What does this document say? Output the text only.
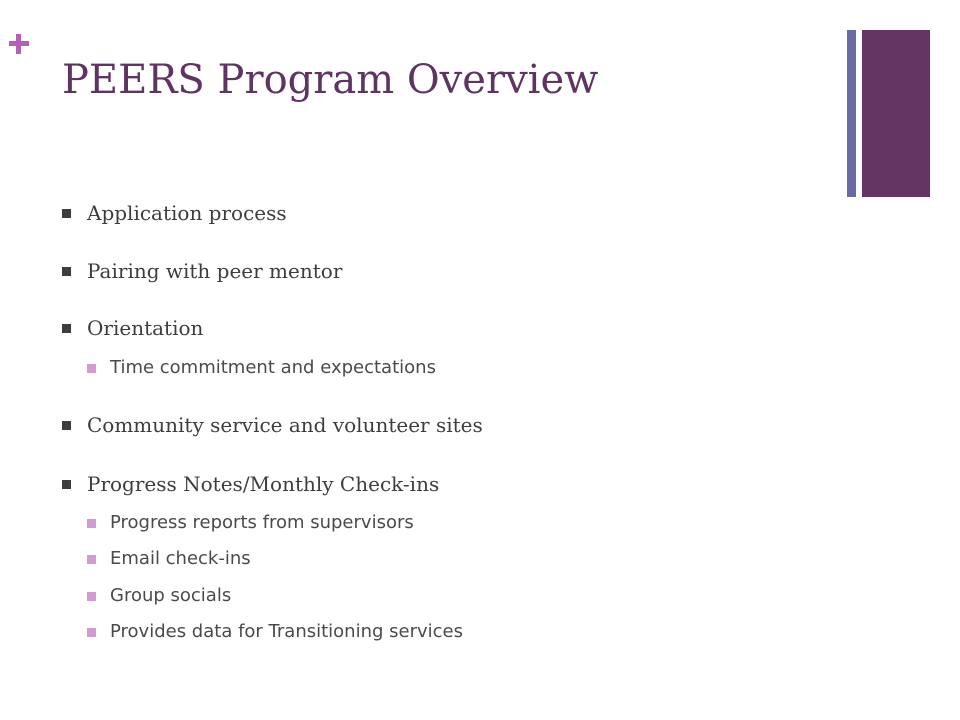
PEERS Program Overview
Application process
Pairing with peer mentor
Orientation
Time commitment and expectations
Community service and volunteer sites
Progress Notes/Monthly Check-ins
Progress reports from supervisors
Email check-ins
Group socials
Provides data for Transitioning services
